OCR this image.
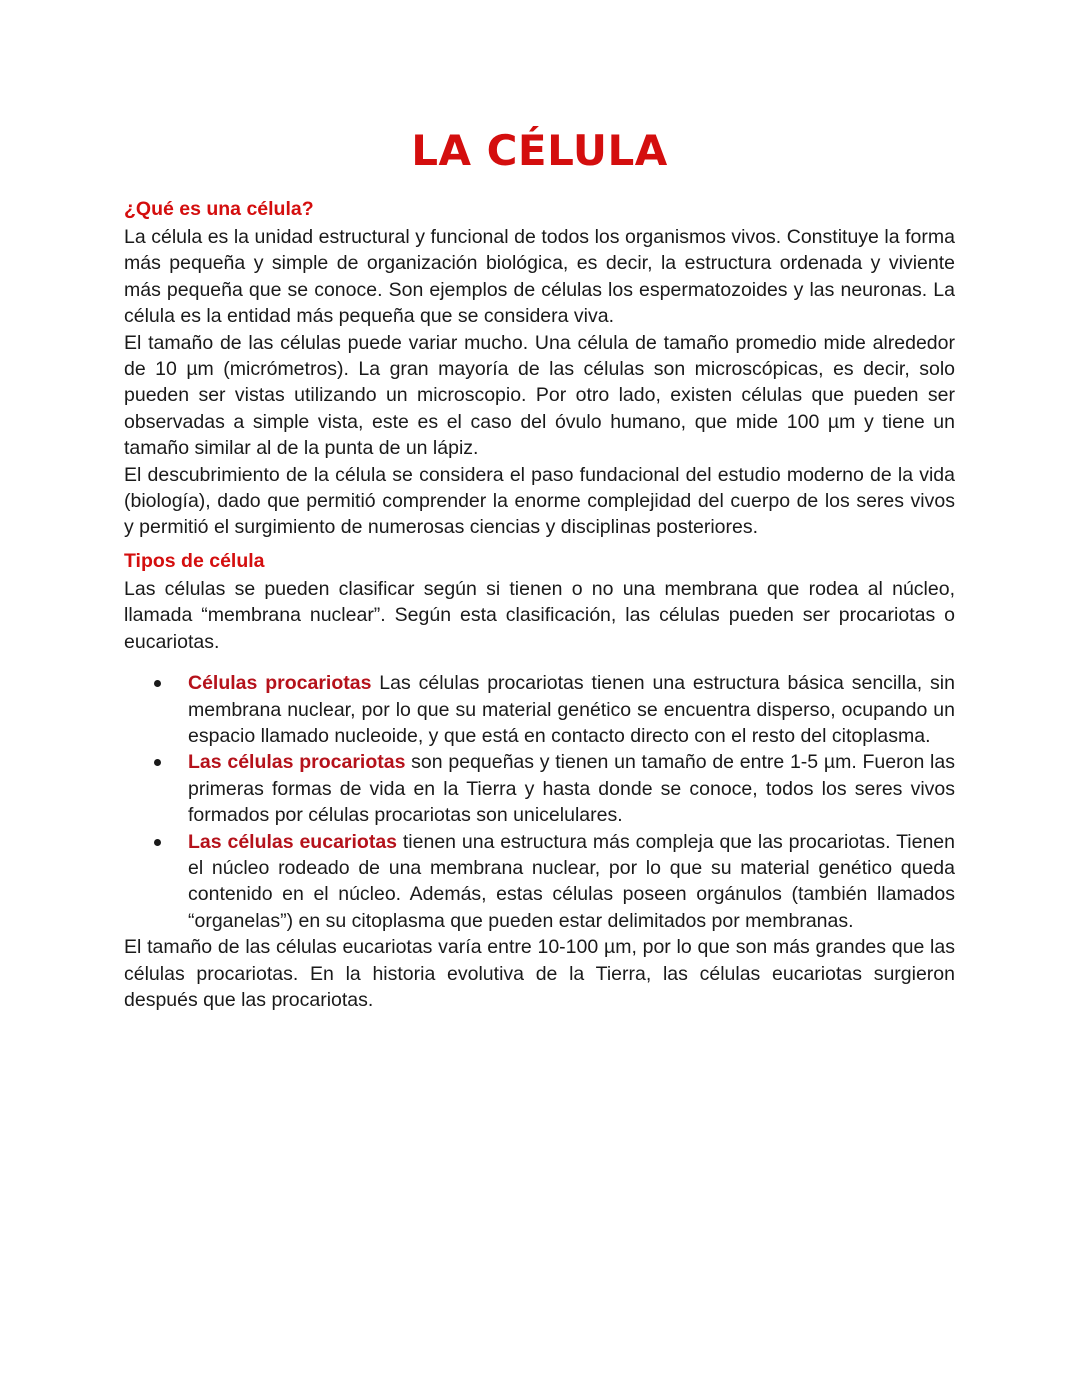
LA CÉLULA
¿Qué es una célula?

La célula es la unidad estructural y funcional de todos los organismos vivos. Constituye la forma más pequeña y simple de organización biológica, es decir, la estructura ordenada y viviente más pequeña que se conoce. Son ejemplos de células los espermatozoides y las neuronas. La célula es la entidad más pequeña que se considera viva.

El tamaño de las células puede variar mucho. Una célula de tamaño promedio mide alrededor de 10 µm (micrómetros). La gran mayoría de las células son microscópicas, es decir, solo pueden ser vistas utilizando un microscopio. Por otro lado, existen células que pueden ser observadas a simple vista, este es el caso del óvulo humano, que mide 100 µm y tiene un tamaño similar al de la punta de un lápiz.

El descubrimiento de la célula se considera el paso fundacional del estudio moderno de la vida (biología), dado que permitió comprender la enorme complejidad del cuerpo de los seres vivos y permitió el surgimiento de numerosas ciencias y disciplinas posteriores.

Tipos de célula

Las células se pueden clasificar según si tienen o no una membrana que rodea al núcleo, llamada “membrana nuclear”. Según esta clasificación, las células pueden ser procariotas o eucariotas.

Células procariotas Las células procariotas tienen una estructura básica sencilla, sin membrana nuclear, por lo que su material genético se encuentra disperso, ocupando un espacio llamado nucleoide, y que está en contacto directo con el resto del citoplasma.
Las células procariotas son pequeñas y tienen un tamaño de entre 1-5 µm. Fueron las primeras formas de vida en la Tierra y hasta donde se conoce, todos los seres vivos formados por células procariotas son unicelulares.
Las células eucariotas tienen una estructura más compleja que las procariotas. Tienen el núcleo rodeado de una membrana nuclear, por lo que su material genético queda contenido en el núcleo. Además, estas células poseen orgánulos (también llamados “organelas”) en su citoplasma que pueden estar delimitados por membranas.

El tamaño de las células eucariotas varía entre 10-100 µm, por lo que son más grandes que las células procariotas. En la historia evolutiva de la Tierra, las células eucariotas surgieron después que las procariotas.
